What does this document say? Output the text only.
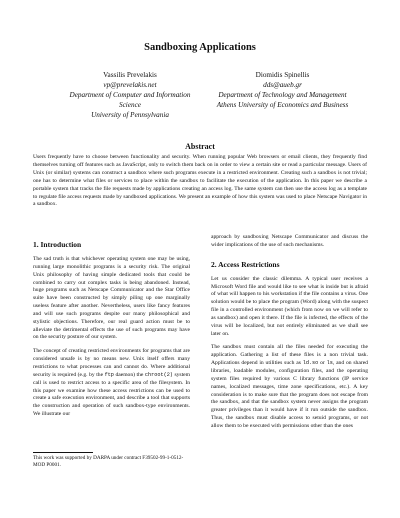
Sandboxing Applications
Vassilis Prevelakis
vp@prevelakis.net
Department of Computer and Information Science
University of Pennsylvania
Diomidis Spinellis
dds@aueb.gr
Department of Technology and Management
Athens University of Economics and Business
Abstract
Users frequently have to choose between functionality and security. When running popular Web browsers or email clients, they frequently find themselves turning off features such as JavaScript, only to switch them back on in order to view a certain site or read a particular message. Users of Unix (or similar) systems can construct a sandbox where such programs execute in a restricted environment. Creating such a sandbox is not trivial; one has to determine what files or services to place within the sandbox to facilitate the execution of the application. In this paper we describe a portable system that tracks the file requests made by applications creating an access log. The same system can then use the access log as a template to regulate file access requests made by sandboxed applications. We present an example of how this system was used to place Netscape Navigator in a sandbox.
1. Introduction
The sad truth is that whichever operating system one may be using, running large monolithic programs is a security risk. The original Unix philosophy of having simple dedicated tools that could be combined to carry out complex tasks is being abandoned. Instead, huge programs such as Netscape Communicator and the Star Office suite have been constructed by simply piling up one marginally useless feature after another. Nevertheless, users like fancy features and will use such programs despite our many philosophical and stylistic objections. Therefore, our real guard action must be to alleviate the detrimental effects the use of such programs may have on the security posture of our system.
The concept of creating restricted environments for programs that are considered unsafe is by no means new. Unix itself offers many restrictions to what processes can and cannot do. Where additional security is required (e.g. by the ftp daemon) the chroot(2) system call is used to restrict access to a specific area of the filesystem. In this paper we examine how these access restrictions can be used to create a safe execution environment, and describe a tool that supports the construction and operation of such sandbox-type environments. We illustrate our
approach by sandboxing Netscape Communicator and discuss the wider implications of the use of such mechanisms.
2. Access Restrictions
Let us consider the classic dilemma. A typical user receives a Microsoft Word file and would like to see what is inside but is afraid of what will happen to his workstation if the file contains a virus. One solution would be to place the program (Word) along with the suspect file in a controlled environment (which from now on we will refer to as sandbox) and open it there. If the file is infected, the effects of the virus will be localized, but not entirely eliminated as we shall see later on.
The sandbox must contain all the files needed for executing the application. Gathering a list of these files is a non trivial task. Applications depend in utilities such as ld.so or ls, and on shared libraries, loadable modules, configuration files, and the operating system files required by various C library functions (IP service names, localized messages, time zone specifications, etc.). A key consideration is to make sure that the program does not escape from the sandbox, and that the sandbox system never assigns the program greater privileges than it would have if it run outside the sandbox. Thus, the sandbox must disable access to setuid programs, or not allow them to be executed with permissions other than the ones
This work was supported by DARPA under contract F39502-99-1-0512-MOD P0001.
